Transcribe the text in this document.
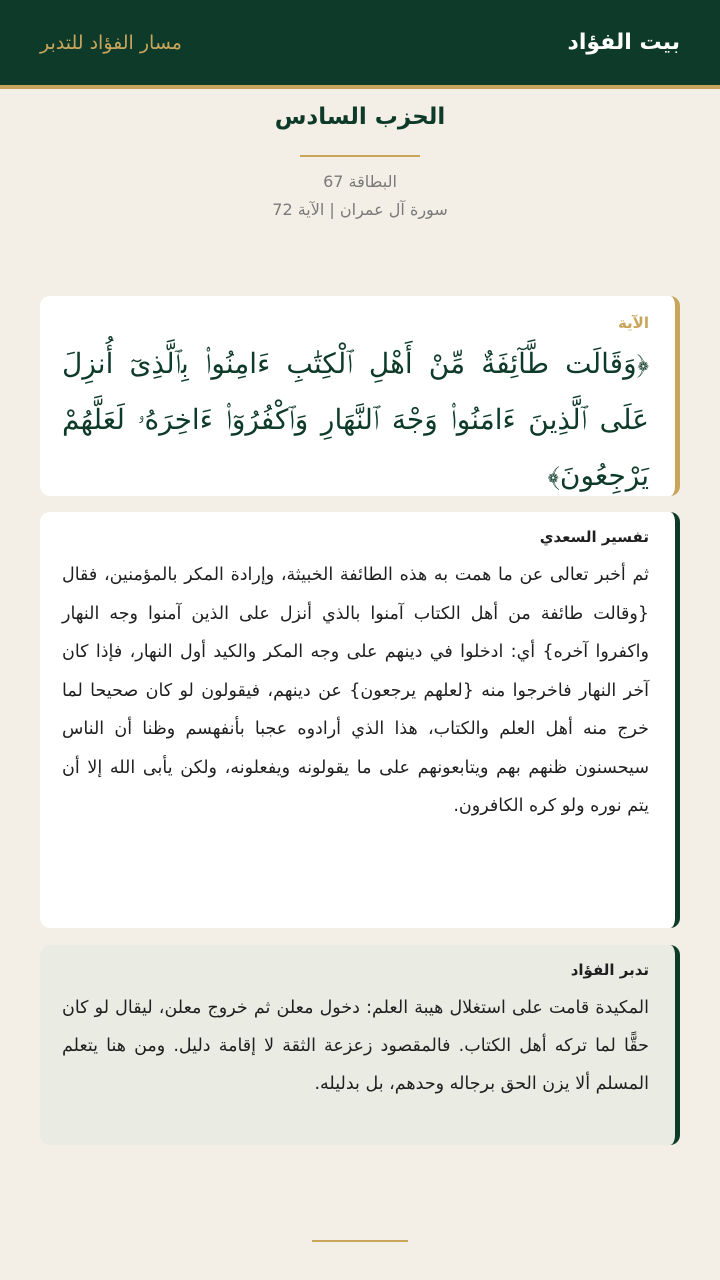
بيت الفؤاد
مسار الفؤاد للتدبر
الحزب السادس
البطاقة 67
سورة آل عمران | الآية 72
الآية
﴿وَقَالَت طَّآئِفَةٌ مِّنْ أَهْلِ ٱلْكِتَٰبِ ءَامِنُوا۟ بِٱلَّذِىٓ أُنزِلَ عَلَى ٱلَّذِينَ ءَامَنُوا۟ وَجْهَ ٱلنَّهَارِ وَٱكْفُرُوٓا۟ ءَاخِرَهُۥ لَعَلَّهُمْ يَرْجِعُونَ﴾
تفسير السعدي
ثم أخبر تعالى عن ما همت به هذه الطائفة الخبيثة، وإرادة المكر بالمؤمنين، فقال {وقالت طائفة من أهل الكتاب آمنوا بالذي أنزل على الذين آمنوا وجه النهار واكفروا آخره} أي: ادخلوا في دينهم على وجه المكر والكيد أول النهار، فإذا كان آخر النهار فاخرجوا منه {لعلهم يرجعون} عن دينهم، فيقولون لو كان صحيحا لما خرج منه أهل العلم والكتاب، هذا الذي أرادوه عجبا بأنفهسم وظنا أن الناس سيحسنون ظنهم بهم ويتابعونهم على ما يقولونه ويفعلونه، ولكن يأبى الله إلا أن يتم نوره ولو كره الكافرون.
تدبر الفؤاد
المكيدة قامت على استغلال هيبة العلم: دخول معلن ثم خروج معلن، ليقال لو كان حقًّا لما تركه أهل الكتاب. فالمقصود زعزعة الثقة لا إقامة دليل. ومن هنا يتعلم المسلم ألا يزن الحق برجاله وحدهم، بل بدليله.
